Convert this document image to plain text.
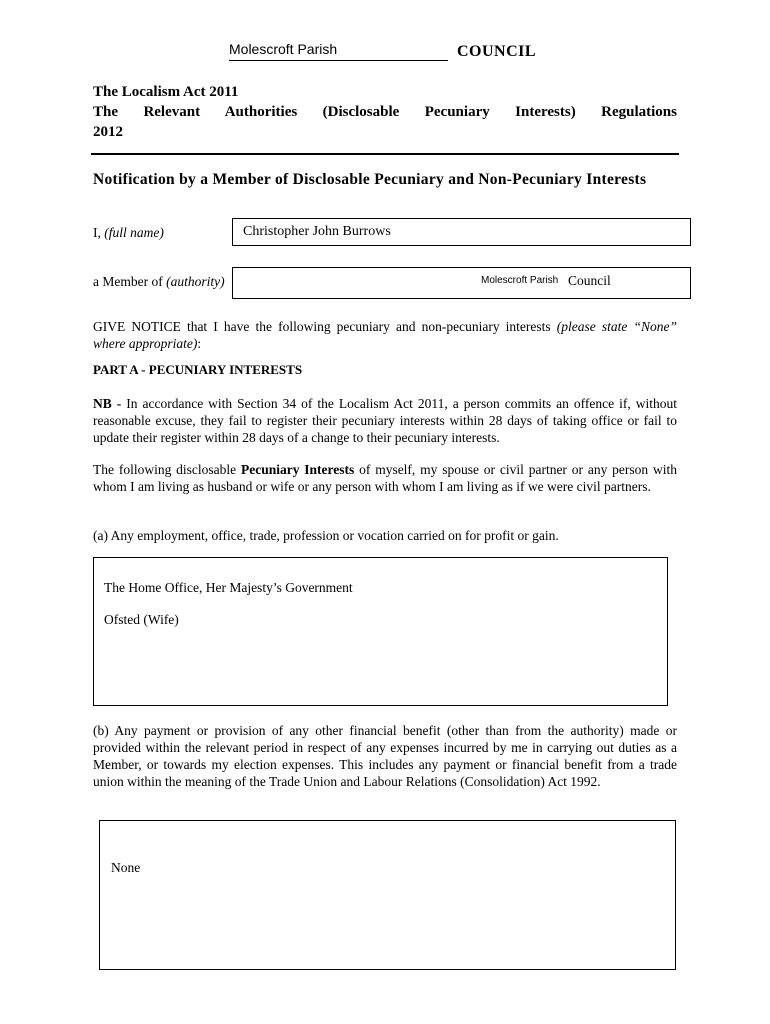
Molescroft Parish	COUNCIL
The Localism Act 2011
The Relevant Authorities (Disclosable Pecuniary Interests) Regulations
2012
Notification by a Member of Disclosable Pecuniary and Non-Pecuniary Interests
I, (full name)	Christopher John Burrows
a Member of (authority)	Molescroft Parish Council
GIVE NOTICE that I have the following pecuniary and non-pecuniary interests (please state “None” where appropriate):
PART A - PECUNIARY INTERESTS
NB - In accordance with Section 34 of the Localism Act 2011, a person commits an offence if, without reasonable excuse, they fail to register their pecuniary interests within 28 days of taking office or fail to update their register within 28 days of a change to their pecuniary interests.
The following disclosable Pecuniary Interests of myself, my spouse or civil partner or any person with whom I am living as husband or wife or any person with whom I am living as if we were civil partners.
(a) Any employment, office, trade, profession or vocation carried on for profit or gain.
The Home Office, Her Majesty’s Government
Ofsted (Wife)
(b) Any payment or provision of any other financial benefit (other than from the authority) made or provided within the relevant period in respect of any expenses incurred by me in carrying out duties as a Member, or towards my election expenses. This includes any payment or financial benefit from a trade union within the meaning of the Trade Union and Labour Relations (Consolidation) Act 1992.
None
